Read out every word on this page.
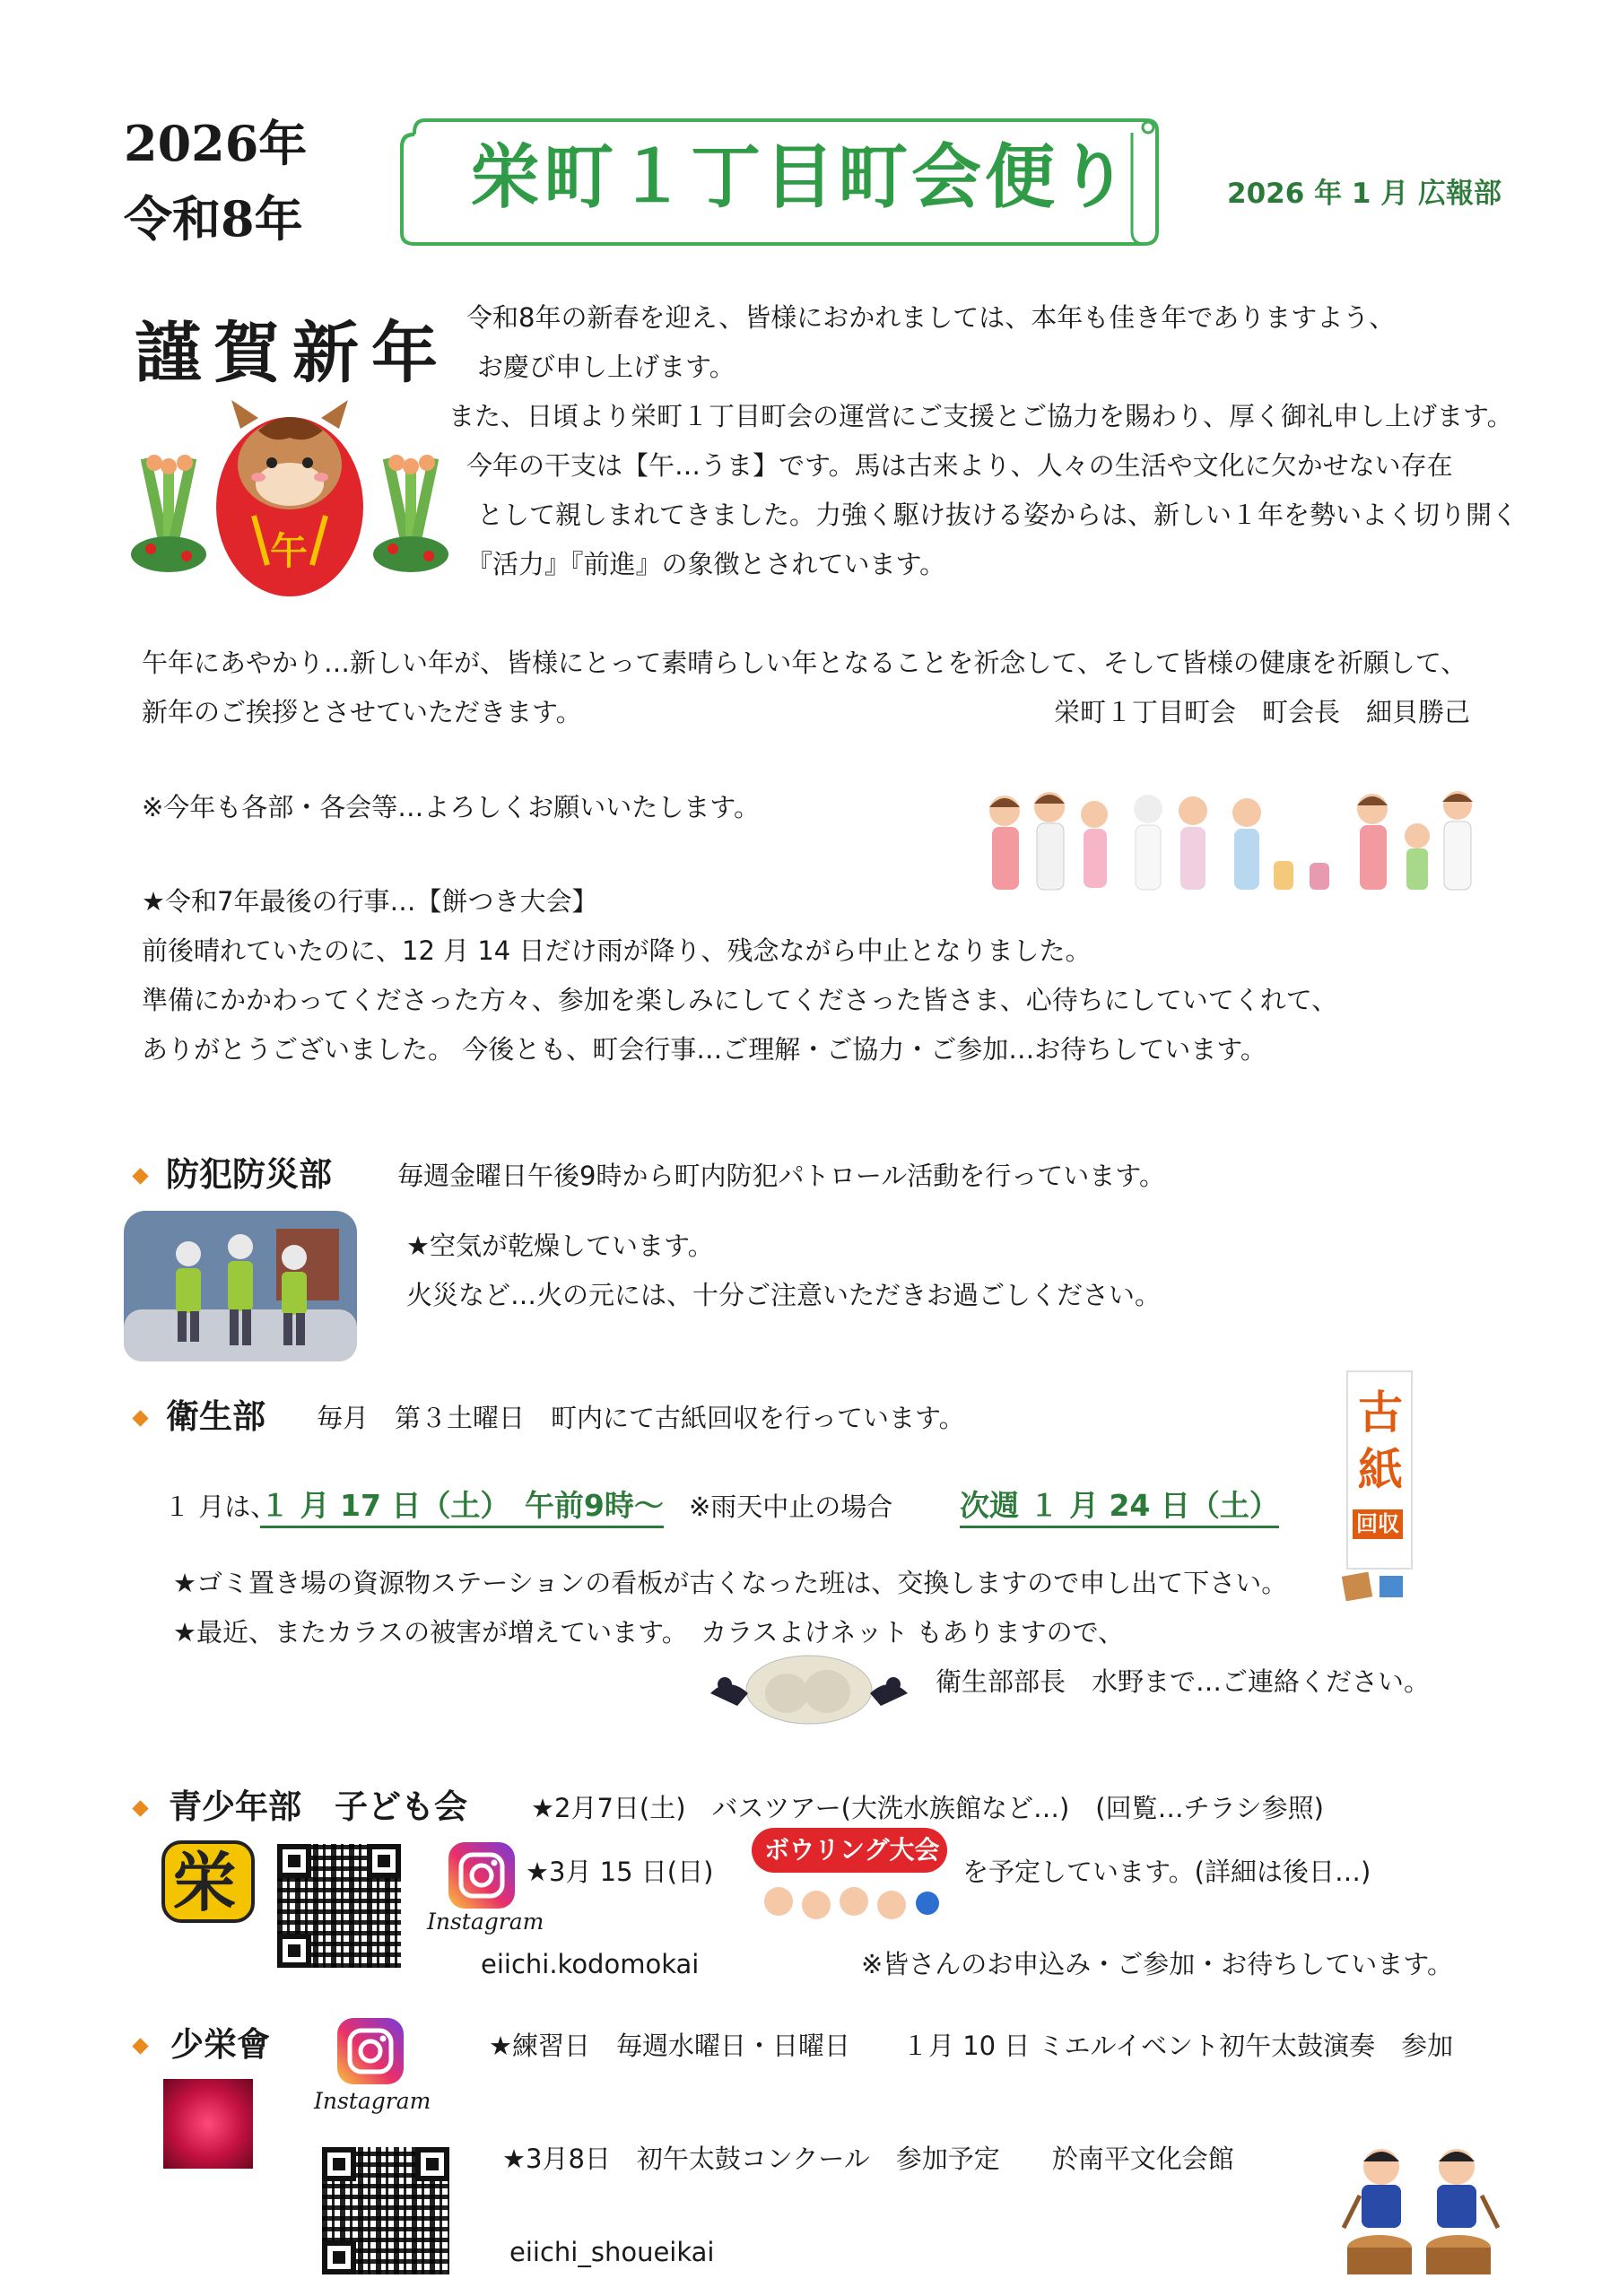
2026年
令和8年
栄町１丁目町会便り	2026 年 1 月 広報部
謹賀新年
午
令和8年の新春を迎え、皆様におかれましては、本年も佳き年でありますよう、
お慶び申し上げます。
また、日頃より栄町１丁目町会の運営にご支援とご協力を賜わり、厚く御礼申し上げます。
今年の干支は【午…うま】です。馬は古来より、人々の生活や文化に欠かせない存在
として親しまれてきました。力強く駆け抜ける姿からは、新しい１年を勢いよく切り開く
『活力』『前進』の象徴とされています。
午年にあやかり…新しい年が、皆様にとって素晴らしい年となることを祈念して、そして皆様の健康を祈願して、
新年のご挨拶とさせていただきます。	栄町１丁目町会　町会長　細貝勝己
※今年も各部・各会等…よろしくお願いいたします。
★令和7年最後の行事…【餅つき大会】
前後晴れていたのに、12 月 14 日だけ雨が降り、残念ながら中止となりました。
準備にかかわってくださった方々、参加を楽しみにしてくださった皆さま、心待ちにしていてくれて、
ありがとうございました。 今後とも、町会行事…ご理解・ご協力・ご参加…お待ちしています。
防犯防災部	毎週金曜日午後9時から町内防犯パトロール活動を行っています。
★空気が乾燥しています。
火災など…火の元には、十分ご注意いただきお過ごしください。
衛生部 毎月　第３土曜日　町内にて古紙回収を行っています。	古
紙
回収
１ 月は、
１ 月 17 日（土）　午前9時～ ※雨天中止の場合 次週 １ 月 24 日（土）
★ゴミ置き場の資源物ステーションの看板が古くなった班は、交換しますので申し出て下さい。
★最近、またカラスの被害が増えています。　カラスよけネット もありますので、
衛生部部長　水野まで…ご連絡ください。
青少年部　子ども会 ★2月7日(土)　バスツアー(大洗水族館など…)　(回覧…チラシ参照)
栄
Instagram
★3月 15 日(日)
ボウリング大会
を予定しています。(詳細は後日…)
eiichi.kodomokai	※皆さんのお申込み・ご参加・お待ちしています。
少栄會
Instagram
★練習日　毎週水曜日・日曜日　　１月 10 日 ミエルイベント初午太鼓演奏　参加
★3月8日　初午太鼓コンクール　参加予定　　於南平文化会館
eiichi_shoueikai
